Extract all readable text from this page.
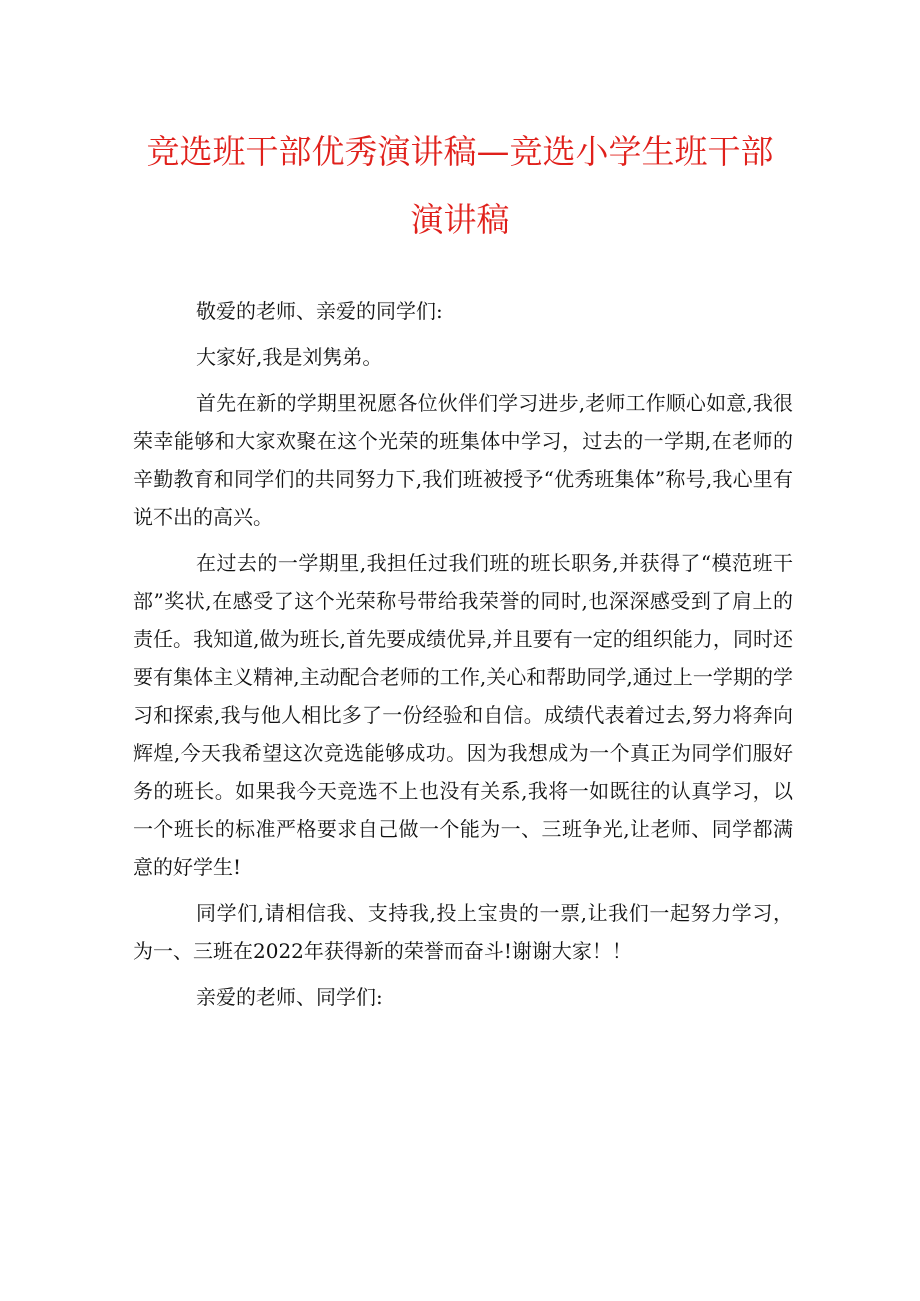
竞选班干部优秀演讲稿—竞选小学生班干部
演讲稿

敬爱的老师、亲爱的同学们:

大家好,我是刘隽弟。

首先在新的学期里祝愿各位伙伴们学习进步,老师工作顺心如意,我很荣幸能够和大家欢聚在这个光荣的班集体中学习，过去的一学期,在老师的辛勤教育和同学们的共同努力下,我们班被授予“优秀班集体”称号,我心里有说不出的高兴。

在过去的一学期里,我担任过我们班的班长职务,并获得了“模范班干部”奖状,在感受了这个光荣称号带给我荣誉的同时,也深深感受到了肩上的责任。我知道,做为班长,首先要成绩优异,并且要有一定的组织能力，同时还要有集体主义精神,主动配合老师的工作,关心和帮助同学,通过上一学期的学习和探索,我与他人相比多了一份经验和自信。成绩代表着过去,努力将奔向辉煌,今天我希望这次竞选能够成功。因为我想成为一个真正为同学们服好务的班长。如果我今天竞选不上也没有关系,我将一如既往的认真学习，以一个班长的标准严格要求自己做一个能为一、三班争光,让老师、同学都满意的好学生!

同学们,请相信我、支持我,投上宝贵的一票,让我们一起努力学习，为一、三班在2022年获得新的荣誉而奋斗!谢谢大家！！

亲爱的老师、同学们:
